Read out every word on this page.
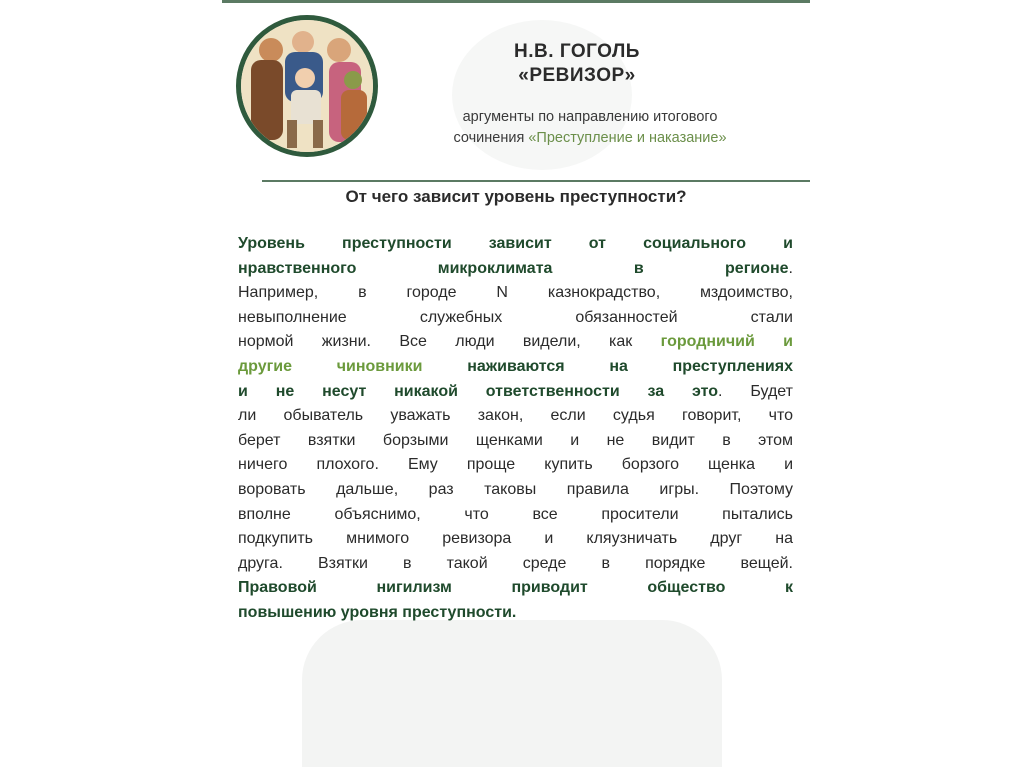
Н.В. ГОГОЛЬ
«РЕВИЗОР»
аргументы по направлению итогового
сочинения «Преступление и наказание»
От чего зависит уровень преступности?
Уровень преступности зависит от социального и
нравственного микроклимата в регионе.
Например, в городе N казнокрадство, мздоимство,
невыполнение служебных обязанностей стали
нормой жизни. Все люди видели, как городничий и
другие чиновники наживаются на преступлениях
и не несут никакой ответственности за это. Будет
ли обыватель уважать закон, если судья говорит, что
берет взятки борзыми щенками и не видит в этом
ничего плохого. Ему проще купить борзого щенка и
воровать дальше, раз таковы правила игры. Поэтому
вполне объяснимо, что все просители пытались
подкупить мнимого ревизора и кляузничать друг на
друга. Взятки в такой среде в порядке вещей.
Правовой нигилизм приводит общество к
повышению уровня преступности.
